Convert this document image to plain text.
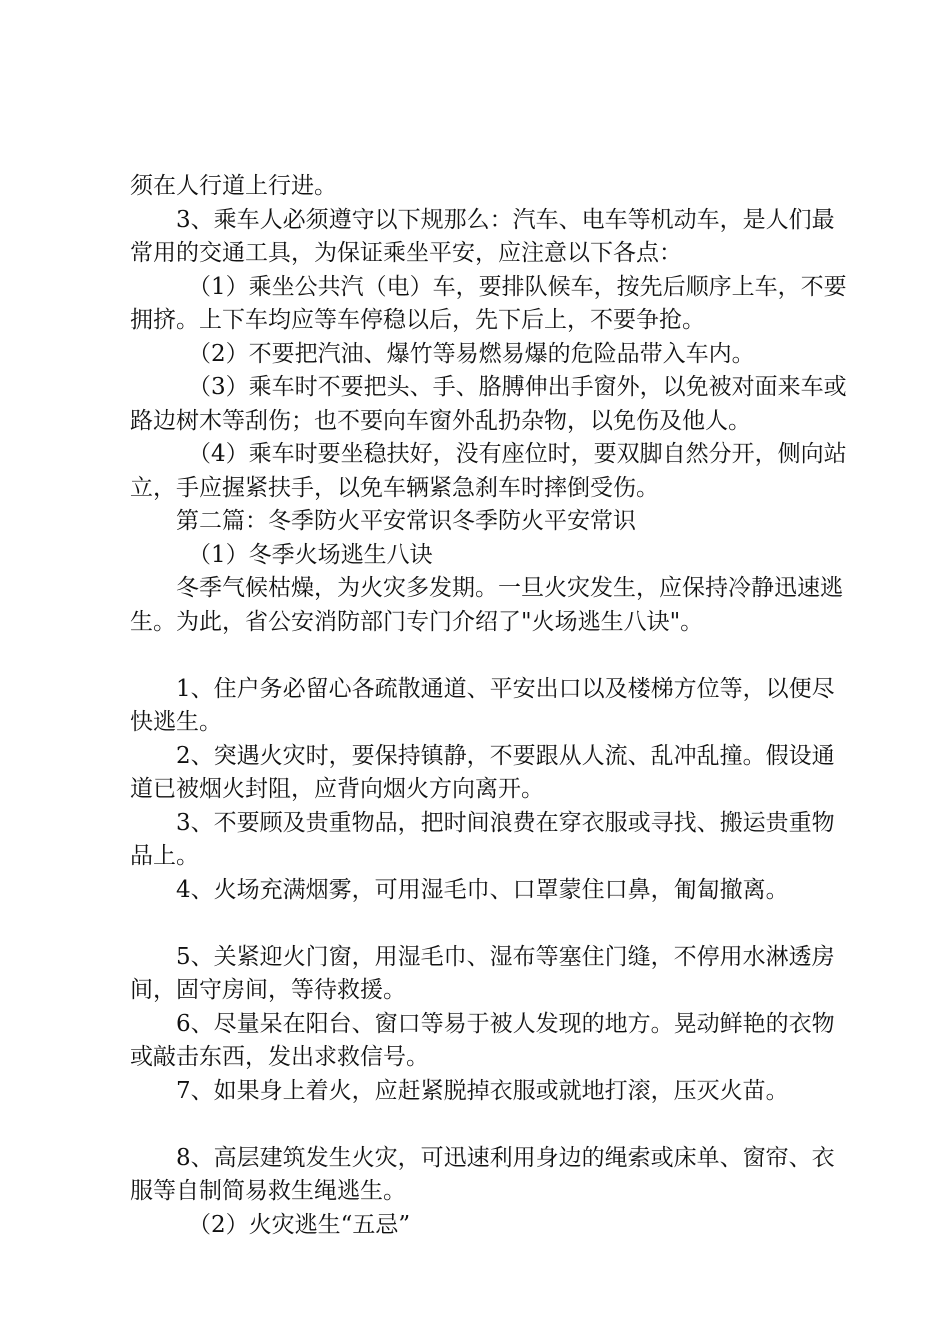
须在人行道上行进。

3、乘车人必须遵守以下规那么：汽车、电车等机动车，是人们最常用的交通工具，为保证乘坐平安，应注意以下各点：

（1）乘坐公共汽（电）车，要排队候车，按先后顺序上车，不要拥挤。上下车均应等车停稳以后，先下后上，不要争抢。

（2）不要把汽油、爆竹等易燃易爆的危险品带入车内。

（3）乘车时不要把头、手、胳膊伸出手窗外，以免被对面来车或路边树木等刮伤；也不要向车窗外乱扔杂物，以免伤及他人。

（4）乘车时要坐稳扶好，没有座位时，要双脚自然分开，侧向站立，手应握紧扶手，以免车辆紧急刹车时摔倒受伤。

第二篇：冬季防火平安常识冬季防火平安常识

（1）冬季火场逃生八诀

冬季气候枯燥，为火灾多发期。一旦火灾发生，应保持冷静迅速逃生。为此，省公安消防部门专门介绍了"火场逃生八诀"。

1、住户务必留心各疏散通道、平安出口以及楼梯方位等，以便尽快逃生。

2、突遇火灾时，要保持镇静，不要跟从人流、乱冲乱撞。假设通道已被烟火封阻，应背向烟火方向离开。

3、不要顾及贵重物品，把时间浪费在穿衣服或寻找、搬运贵重物品上。

4、火场充满烟雾，可用湿毛巾、口罩蒙住口鼻，匍匐撤离。

5、关紧迎火门窗，用湿毛巾、湿布等塞住门缝，不停用水淋透房间，固守房间，等待救援。

6、尽量呆在阳台、窗口等易于被人发现的地方。晃动鲜艳的衣物或敲击东西，发出求救信号。

7、如果身上着火，应赶紧脱掉衣服或就地打滚，压灭火苗。

8、高层建筑发生火灾，可迅速利用身边的绳索或床单、窗帘、衣服等自制简易救生绳逃生。

（2）火灾逃生“五忌”
